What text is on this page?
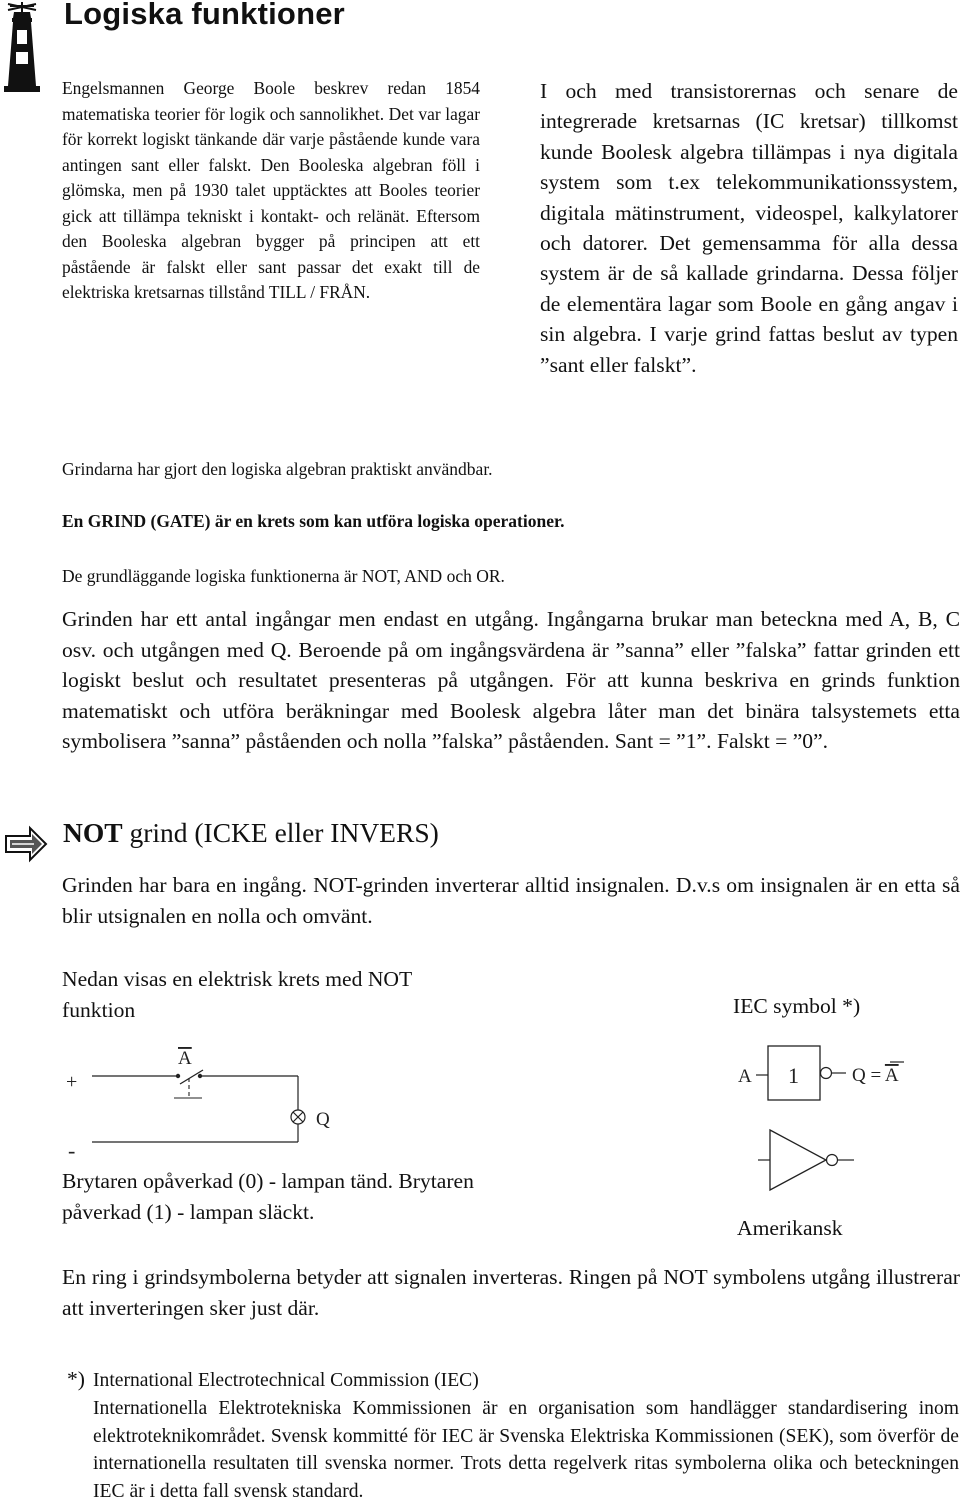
Logiska funktioner

Engelsmannen George Boole beskrev redan 1854 matematiska teorier för logik och sannolikhet. Det var lagar för korrekt logiskt tänkande där varje påstående kunde vara antingen sant eller falskt. Den Booleska algebran föll i glömska, men på 1930 talet upptäcktes att Booles teorier gick att tillämpa tekniskt i kontakt- och relänät. Eftersom den Booleska algebran bygger på principen att ett påstående är falskt eller sant passar det exakt till de elektriska kretsarnas tillstånd TILL / FRÅN.

I och med transistorernas och senare de integrerade kretsarnas (IC kretsar) tillkomst kunde Boolesk algebra tillämpas i nya digitala system som t.ex telekommunikationssystem, digitala mätinstrument, videospel, kalkylatorer och datorer. Det gemensamma för alla dessa system är de så kallade grindarna. Dessa följer de elementära lagar som Boole en gång angav i sin algebra. I varje grind fattas beslut av typen ”sant eller falskt”.

Grindarna har gjort den logiska algebran praktiskt användbar.

En GRIND (GATE) är en krets som kan utföra logiska operationer.

De grundläggande logiska funktionerna är NOT, AND och OR.

Grinden har ett antal ingångar men endast en utgång. Ingångarna brukar man beteckna med A, B, C osv. och utgången med Q. Beroende på om ingångsvärdena är ”sanna” eller ”falska” fattar grinden ett logiskt beslut och resultatet presenteras på utgången. För att kunna beskriva en grinds funktion matematiskt och utföra beräkningar med Boolesk algebra låter man det binära talsystemets etta symbolisera ”sanna” påståenden och nolla ”falska” påståenden. Sant = ”1”. Falskt = ”0”.

NOT grind (ICKE eller INVERS)

Grinden har bara en ingång. NOT-grinden inverterar alltid insignalen. D.v.s om insignalen är en etta så blir utsignalen en nolla och omvänt.

Nedan visas en elektrisk krets med NOT funktion	IEC symbol *)

+
-
A
Q
A 1	Q = A

Brytaren opåverkad (0) - lampan tänd. Brytaren påverkad (1) - lampan släckt.

Amerikansk

En ring i grindsymbolerna betyder att signalen inverteras. Ringen på NOT symbolens utgång illustrerar att inverteringen sker just där.

*) International Electrotechnical Commission (IEC)
Internationella Elektrotekniska Kommissionen är en organisation som handlägger standardisering inom elektroteknikområdet. Svensk kommitté för IEC är Svenska Elektriska Kommissionen (SEK), som överför de internationella resultaten till svenska normer. Trots detta regelverk ritas symbolerna olika och beteckningen IEC är i detta fall svensk standard.
